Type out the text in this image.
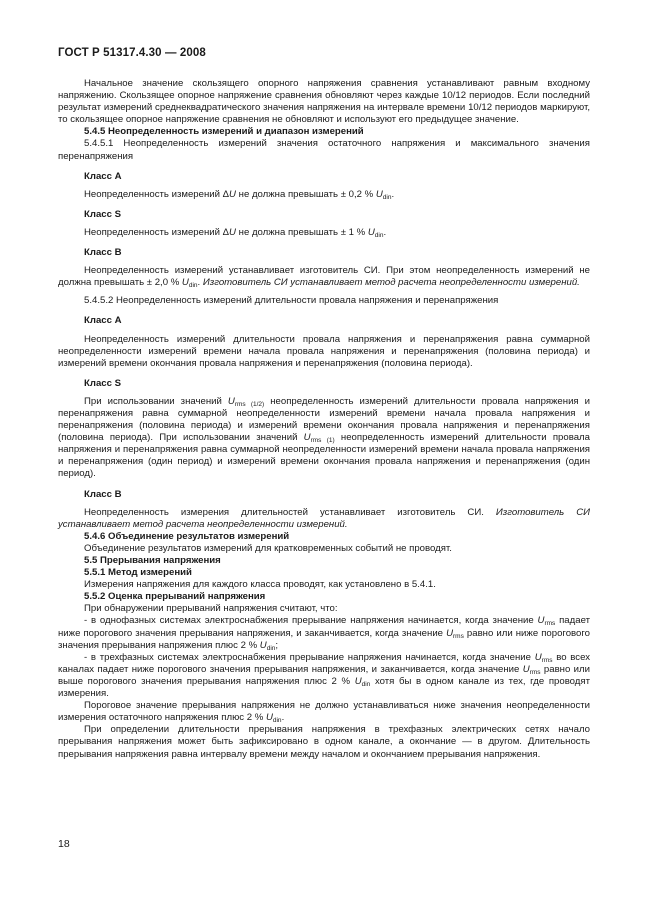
ГОСТ Р 51317.4.30 — 2008

Начальное значение скользящего опорного напряжения сравнения устанавливают равным входному напряжению. Скользящее опорное напряжение сравнения обновляют через каждые 10/12 периодов. Если последний результат измерений среднеквадратического значения напряжения на интервале времени 10/12 периодов маркируют, то скользящее опорное напряжение сравнения не обновляют и используют его предыдущее значение.

5.4.5 Неопределенность измерений и диапазон измерений

5.4.5.1 Неопределенность измерений значения остаточного напряжения и максимального значения перенапряжения

Класс А

Неопределенность измерений ΔU не должна превышать ± 0,2 % $U_{din}$.

Класс S

Неопределенность измерений ΔU не должна превышать ± 1 % $U_{din}$.

Класс В

Неопределенность измерений устанавливает изготовитель СИ. При этом неопределенность измерений не должна превышать ± 2,0 % $U_{din}$. Изготовитель СИ устанавливает метод расчета неопределенности измерений.

5.4.5.2 Неопределенность измерений длительности провала напряжения и перенапряжения

Класс А

Неопределенность измерений длительности провала напряжения и перенапряжения равна суммарной неопределенности измерений времени начала провала напряжения и перенапряжения (половина периода) и измерений времени окончания провала напряжения и перенапряжения (половина периода).

Класс S

При использовании значений $U_{rms (1/2)}$ неопределенность измерений длительности провала напряжения и перенапряжения равна суммарной неопределенности измерений времени начала провала напряжения и перенапряжения (половина периода) и измерений времени окончания провала напряжения и перенапряжения (половина периода). При использовании значений $U_{rms (1)}$ неопределенность измерений длительности провала напряжения и перенапряжения равна суммарной неопределенности измерений времени начала провала напряжения и перенапряжения (один период) и измерений времени окончания провала напряжения и перенапряжения (один период).

Класс В

Неопределенность измерения длительностей устанавливает изготовитель СИ. Изготовитель СИ устанавливает метод расчета неопределенности измерений.

5.4.6 Объединение результатов измерений

Объединение результатов измерений для кратковременных событий не проводят.

5.5 Прерывания напряжения

5.5.1 Метод измерений

Измерения напряжения для каждого класса проводят, как установлено в 5.4.1.

5.5.2 Оценка прерываний напряжения

При обнаружении прерываний напряжения считают, что:

- в однофазных системах электроснабжения прерывание напряжения начинается, когда значение $U_{rms}$ падает ниже порогового значения прерывания напряжения, и заканчивается, когда значение $U_{rms}$ равно или ниже порогового значения прерывания напряжения плюс 2 % $U_{din}$;

- в трехфазных системах электроснабжения прерывание напряжения начинается, когда значение $U_{rms}$ во всех каналах падает ниже порогового значения прерывания напряжения, и заканчивается, когда значение $U_{rms}$ равно или выше порогового значения прерывания напряжения плюс 2 % $U_{din}$ хотя бы в одном канале из тех, где проводят измерения.

Пороговое значение прерывания напряжения не должно устанавливаться ниже значения неопределенности измерения остаточного напряжения плюс 2 % $U_{din}$.

При определении длительности прерывания напряжения в трехфазных электрических сетях начало прерывания напряжения может быть зафиксировано в одном канале, а окончание — в другом. Длительность прерывания напряжения равна интервалу времени между началом и окончанием прерывания напряжения.

18
